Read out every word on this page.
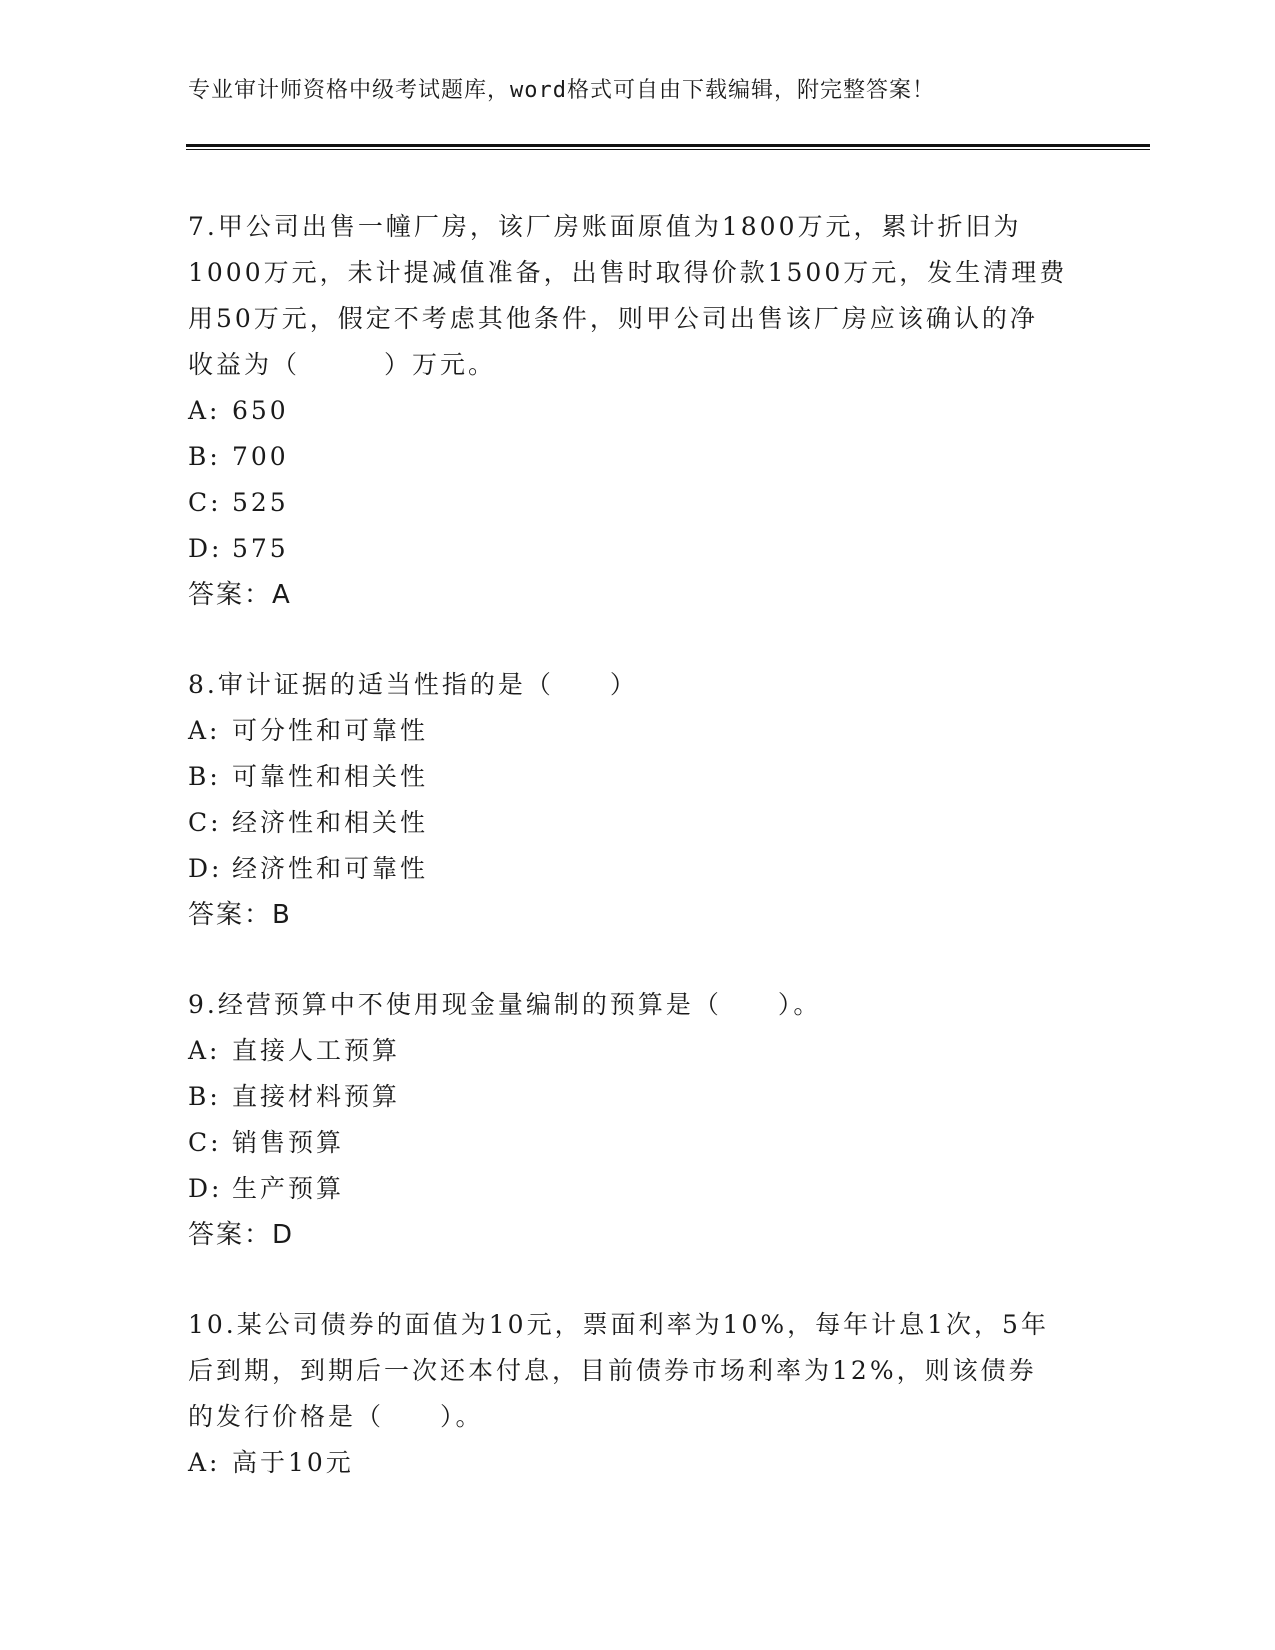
专业审计师资格中级考试题库，word格式可自由下载编辑，附完整答案！

7.甲公司出售一幢厂房，该厂房账面原值为1800万元，累计折旧为

1000万元，未计提减值准备，出售时取得价款1500万元，发生清理费

用50万元，假定不考虑其他条件，则甲公司出售该厂房应该确认的净

收益为（　　　）万元。

A: 650

B: 700

C: 525

D: 575

答案：A

8.审计证据的适当性指的是（　　）

A: 可分性和可靠性

B: 可靠性和相关性

C: 经济性和相关性

D: 经济性和可靠性

答案：B

9.经营预算中不使用现金量编制的预算是（　　）。

A: 直接人工预算

B: 直接材料预算

C: 销售预算

D: 生产预算

答案：D

10.某公司债券的面值为10元，票面利率为10%，每年计息1次，5年

后到期，到期后一次还本付息，目前债券市场利率为12%，则该债券

的发行价格是（　　）。

A: 高于10元
